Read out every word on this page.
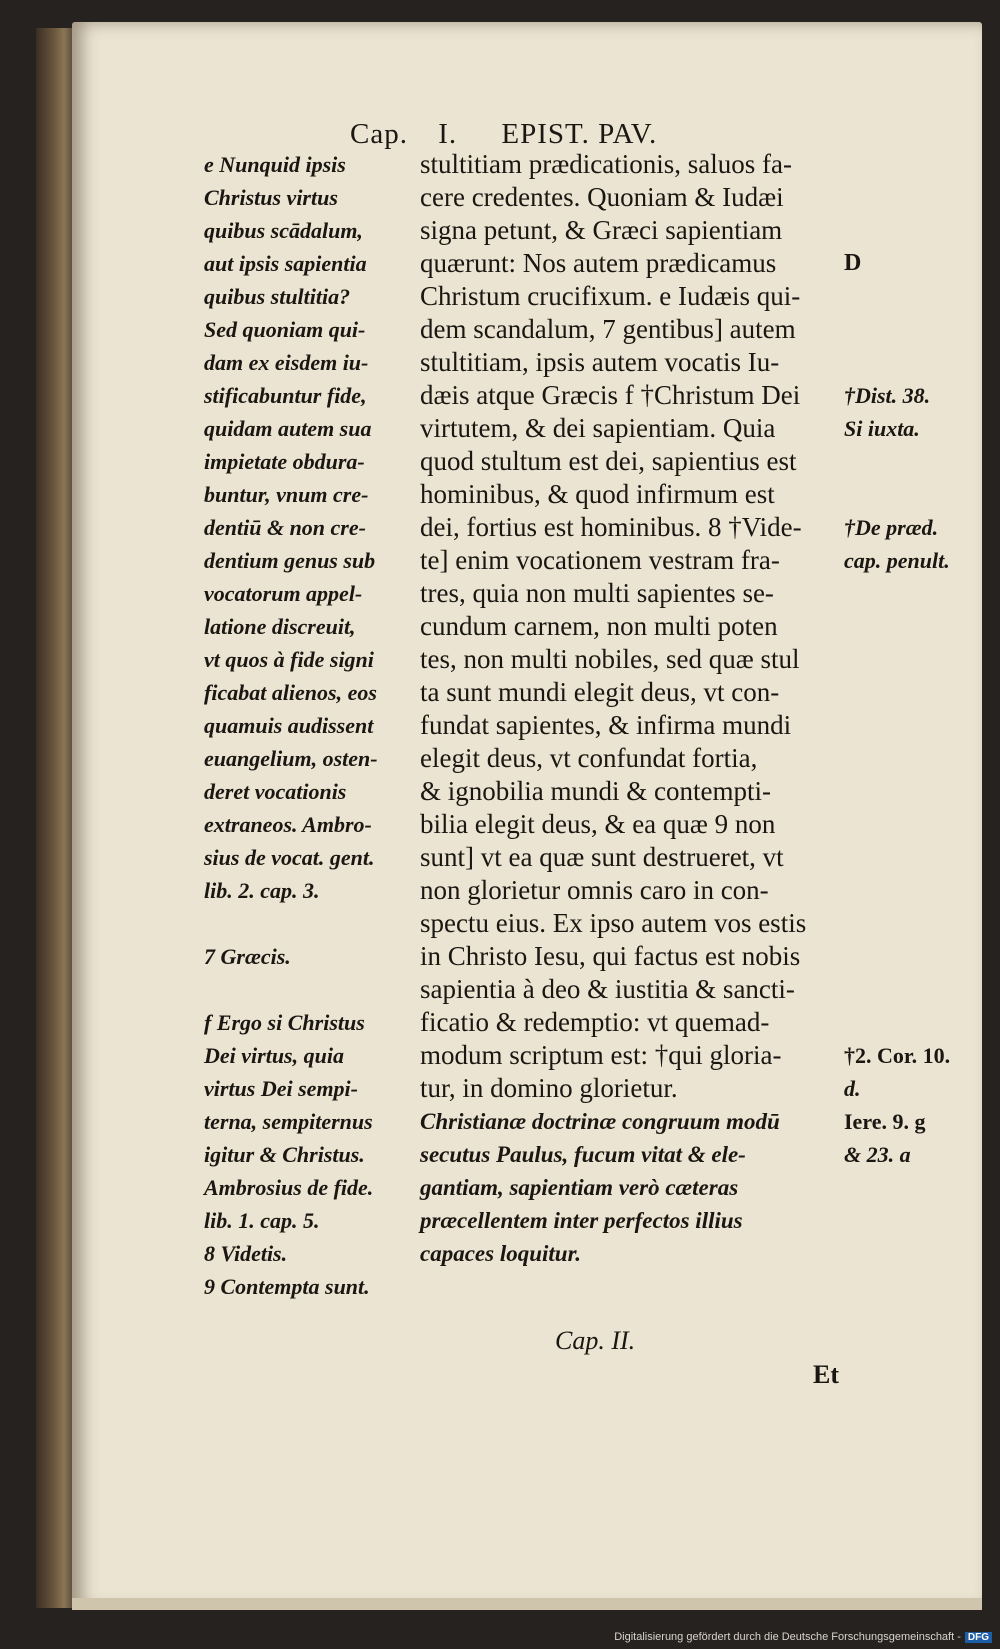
Cap. I. EPIST. PAV.
e Nunquid ipsis
Christus virtus
quibus scādalum,
aut ipsis sapientia
quibus stultitia?
Sed quoniam qui-
dam ex eisdem iu-
stificabuntur fide,
quidam autem sua
impietate obdura-
buntur, vnum cre-
dentiū & non cre-
dentium genus sub
vocatorum appel-
latione discreuit,
vt quos à fide signi
ficabat alienos, eos
quamuis audissent
euangelium, osten-
deret vocationis
extraneos. Ambro-
sius de vocat. gent.
lib. 2. cap. 3.
7 Græcis.
f Ergo si Christus
Dei virtus, quia
virtus Dei sempi-
terna, sempiternus
igitur & Christus.
Ambrosius de fide.
lib. 1. cap. 5.
8 Videtis.
9 Contempta sunt.
stultitiam prædicationis, saluos fa-
cere credentes. Quoniam & Iudæi
signa petunt, & Græci sapientiam
quærunt: Nos autem prædicamus
Christum crucifixum. e Iudæis qui-
dem scandalum, 7 gentibus] autem
stultitiam, ipsis autem vocatis Iu-
dæis atque Græcis f †Christum Dei
virtutem, & dei sapientiam. Quia
quod stultum est dei, sapientius est
hominibus, & quod infirmum est
dei, fortius est hominibus. 8 †Vide-
te] enim vocationem vestram fra-
tres, quia non multi sapientes se-
cundum carnem, non multi poten
tes, non multi nobiles, sed quæ stul
ta sunt mundi elegit deus, vt con-
fundat sapientes, & infirma mundi
elegit deus, vt confundat fortia,
& ignobilia mundi & contempti-
bilia elegit deus, & ea quæ 9 non
sunt] vt ea quæ sunt destrueret, vt
non glorietur omnis caro in con-
spectu eius. Ex ipso autem vos estis
in Christo Iesu, qui factus est nobis
sapientia à deo & iustitia & sancti-
ficatio & redemptio: vt quemad-
modum scriptum est: †qui gloria-
tur, in domino glorietur.
Christianæ doctrinæ congruum modū
secutus Paulus, fucum vitat & ele-
gantiam, sapientiam verò cæteras
præcellentem inter perfectos illius
capaces loquitur.
D
†Dist. 38.
Si iuxta.
†De præd.
cap. penult.
†2. Cor. 10.
d.
Iere. 9. g
& 23. a
Cap. II.
Et
Digitalisierung gefördert durch die Deutsche Forschungsgemeinschaft - DFG
